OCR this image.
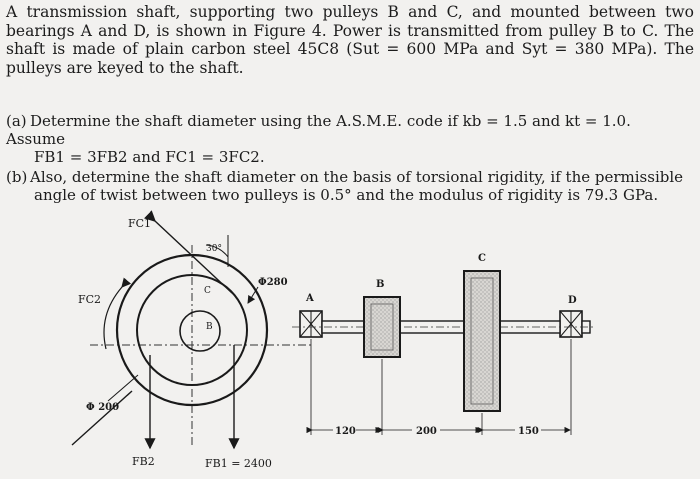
A transmission shaft, supporting two pulleys B and C, and mounted between two bearings A and D, is shown in Figure 4. Power is transmitted from pulley B to C. The shaft is made of plain carbon steel 45C8 (Sut = 600 MPa and Syt = 380 MPa). The pulleys are keyed to the shaft.

(a) Determine the shaft diameter using the A.S.M.E. code if kb = 1.5 and kt = 1.0. Assume
FB1 = 3FB2 and FC1 = 3FC2.
(b) Also, determine the shaft diameter on the basis of torsional rigidity, if the permissible
angle of twist between two pulleys is 0.5° and the modulus of rigidity is 79.3 GPa.
FC1
30°
FC2
FB2	FB1 = 2400
C
B
Φ280
Φ 200
A	D
B
C
120	200	150
